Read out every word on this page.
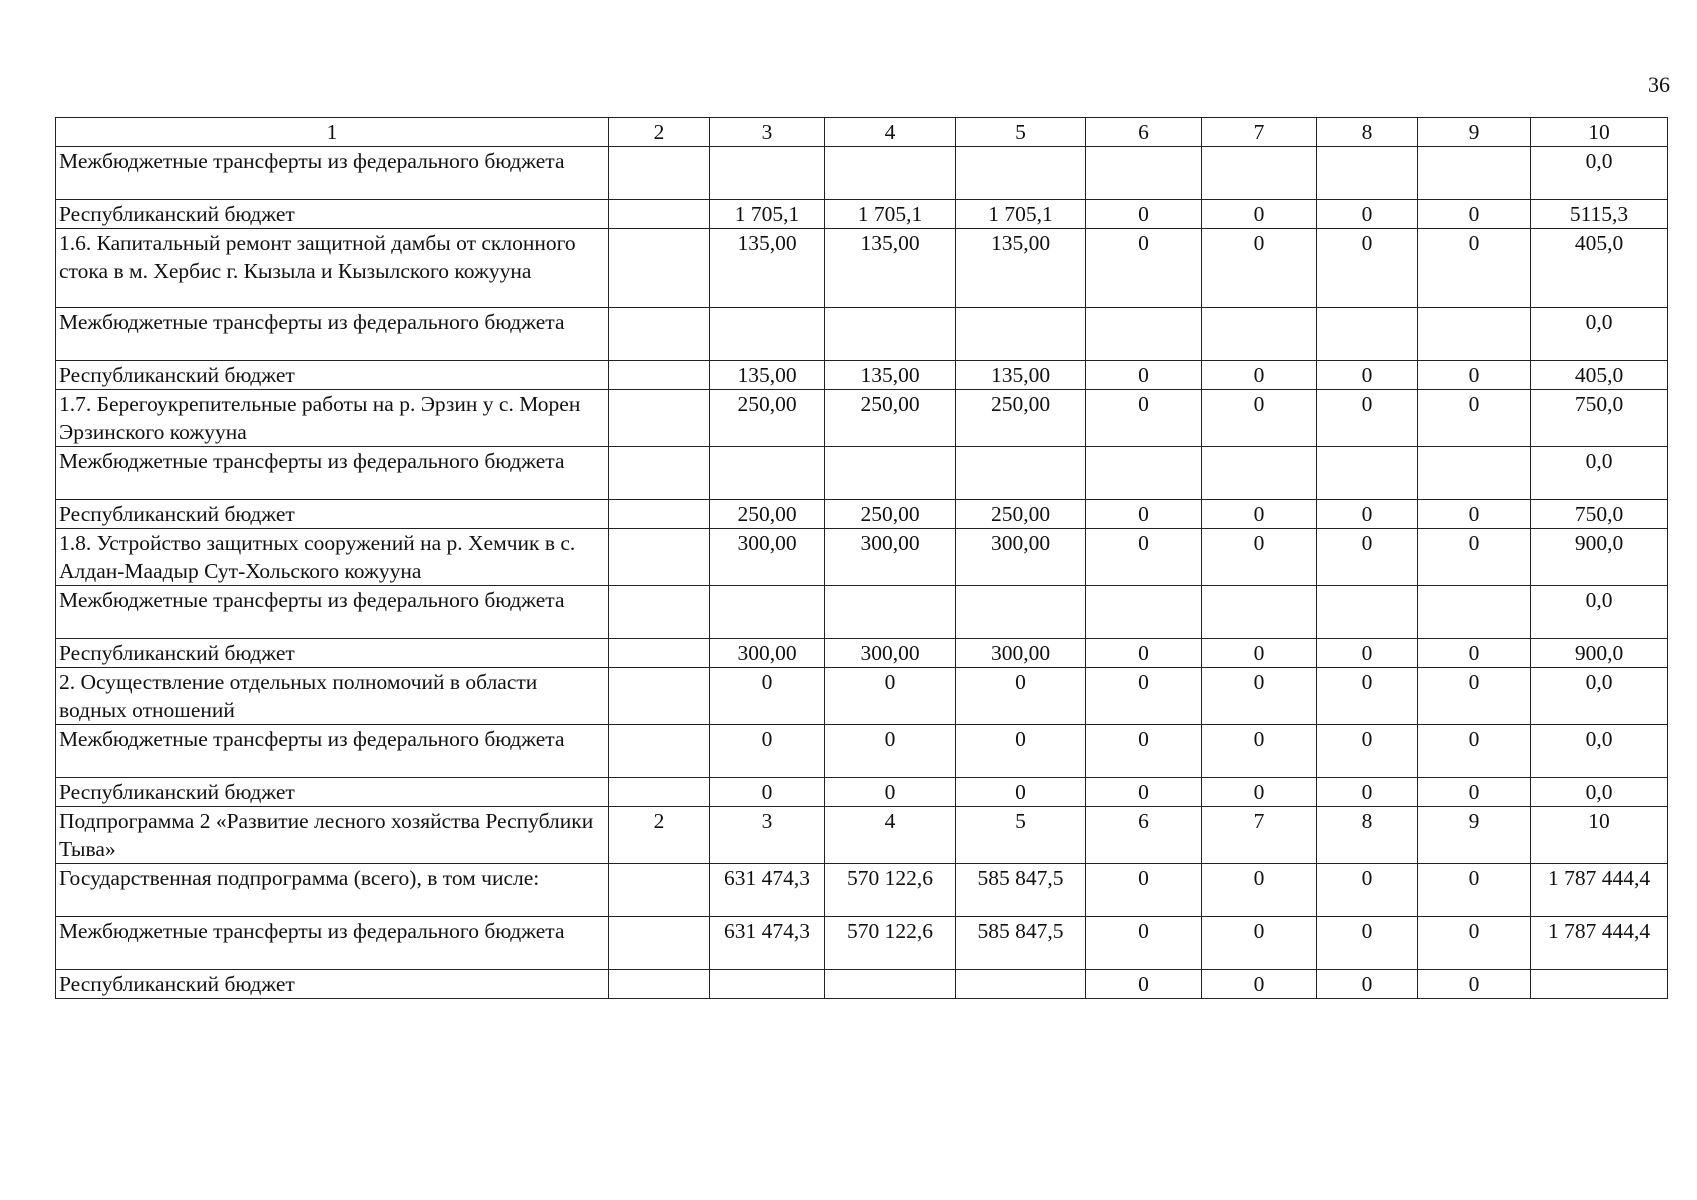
36
1	2	3	4	5	6	7	8	9	10
Межбюджетные трансферты из федерального бюджета									0,0
Республиканский бюджет		1 705,1	1 705,1	1 705,1	0	0	0	0	5115,3
1.6. Капитальный ремонт защитной дамбы от склонного стока в м. Хербис г. Кызыла и Кызылского кожууна		135,00	135,00	135,00	0	0	0	0	405,0
Межбюджетные трансферты из федерального бюджета									0,0
Республиканский бюджет		135,00	135,00	135,00	0	0	0	0	405,0
1.7. Берегоукрепительные работы на р. Эрзин у с. Морен Эрзинского кожууна		250,00	250,00	250,00	0	0	0	0	750,0
Межбюджетные трансферты из федерального бюджета									0,0
Республиканский бюджет		250,00	250,00	250,00	0	0	0	0	750,0
1.8. Устройство защитных сооружений на р. Хемчик в с. Алдан-Маадыр Сут-Хольского кожууна		300,00	300,00	300,00	0	0	0	0	900,0
Межбюджетные трансферты из федерального бюджета									0,0
Республиканский бюджет		300,00	300,00	300,00	0	0	0	0	900,0
2. Осуществление отдельных полномочий в области водных отношений		0	0	0	0	0	0	0	0,0
Межбюджетные трансферты из федерального бюджета		0	0	0	0	0	0	0	0,0
Республиканский бюджет		0	0	0	0	0	0	0	0,0
Подпрограмма 2 «Развитие лесного хозяйства Республики Тыва»	2	3	4	5	6	7	8	9	10
Государственная подпрограмма (всего), в том числе:		631 474,3	570 122,6	585 847,5	0	0	0	0	1 787 444,4
Межбюджетные трансферты из федерального бюджета		631 474,3	570 122,6	585 847,5	0	0	0	0	1 787 444,4
Республиканский бюджет					0	0	0	0	
